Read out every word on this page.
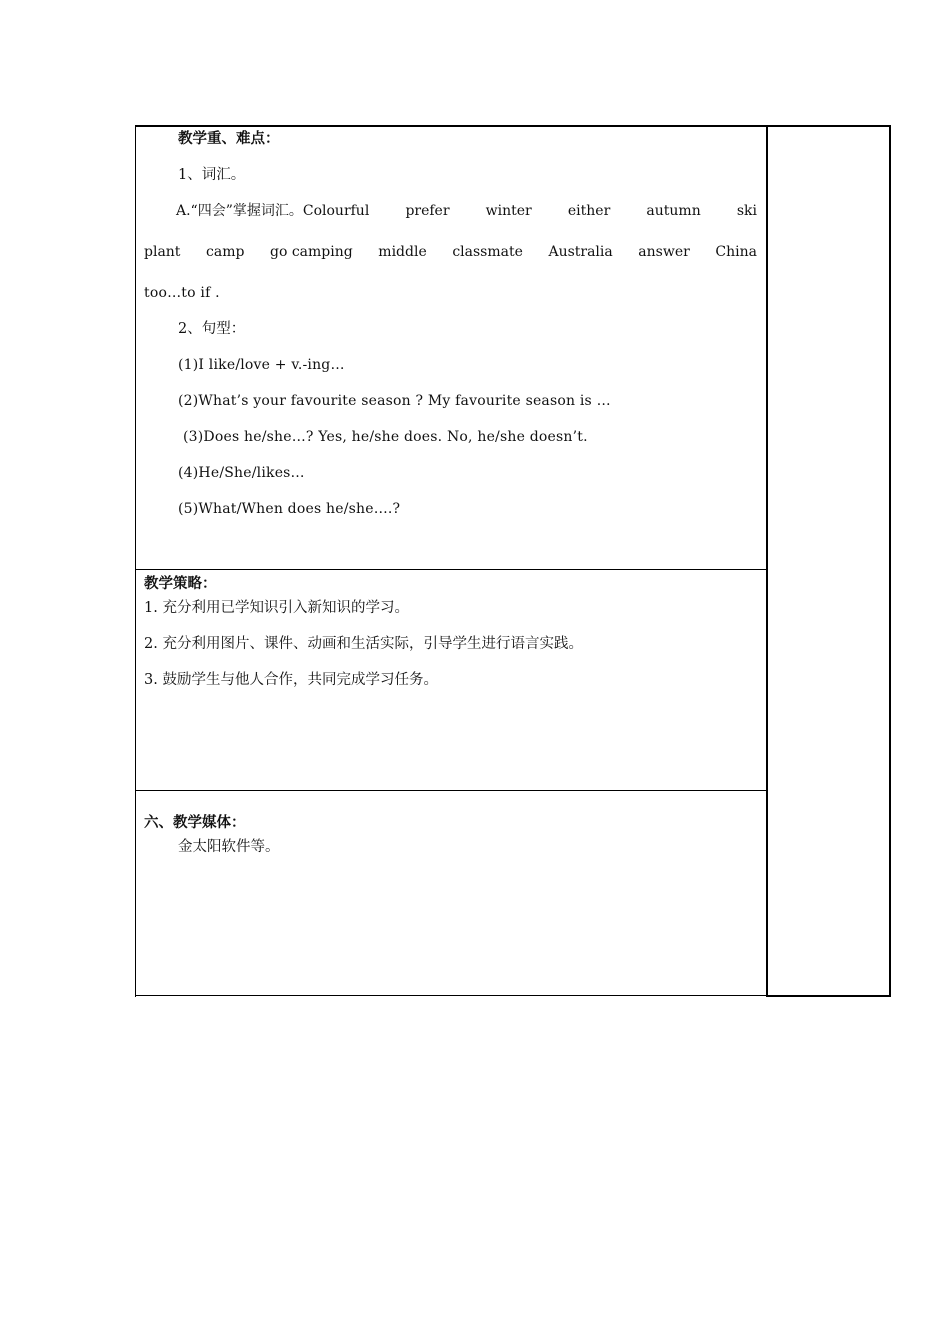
教学重、难点：
1、词汇。
A.“四会”掌握词汇。Colourful	prefer	winter	either	autumn	ski
plant camp go camping middle classmate Australia answer China
too…to if .
2、句型：
(1)I like/love + v.-ing…
(2)What’s your favourite season ? My favourite season is …
(3)Does he/she…? Yes, he/she does. No, he/she doesn’t.
(4)He/She/likes…
(5)What/When does he/she….?
教学策略：
1. 充分利用已学知识引入新知识的学习。
2. 充分利用图片、课件、动画和生活实际，引导学生进行语言实践。
3. 鼓励学生与他人合作，共同完成学习任务。
六、教学媒体：
金太阳软件等。
